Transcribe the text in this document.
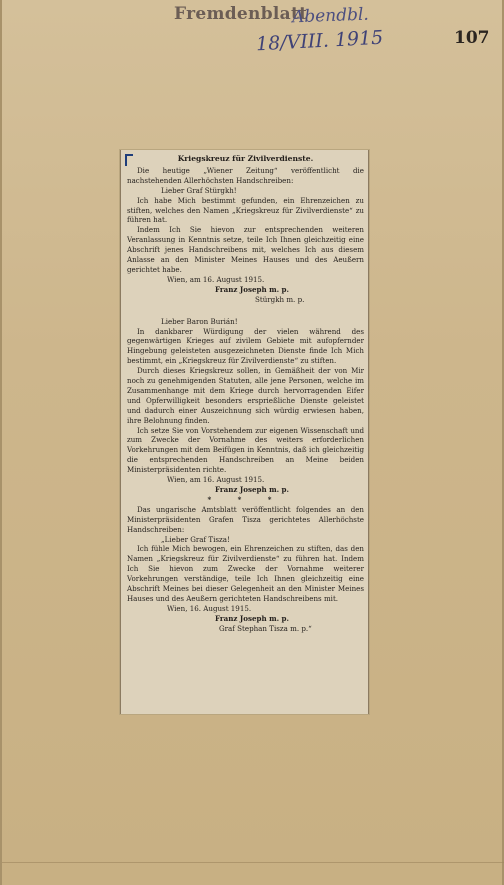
Fremdenblatt
Abendbl.
18/VIII. 1915	107

Kriegskreuz für Zivilverdienste.

Die heutige „Wiener Zeitung“ veröffentlicht die nachstehenden Allerhöchsten Handschreiben:

Lieber Graf Stürgkh!

Ich habe Mich bestimmt gefunden, ein Ehrenzeichen zu stiften, welches den Namen „Kriegskreuz für Zivilverdienste“ zu führen hat.

Indem Ich Sie hievon zur entsprechenden weiteren Veranlassung in Kenntnis setze, teile Ich Ihnen gleichzeitig eine Abschrift jenes Handschreibens mit, welches Ich aus diesem Anlasse an den Minister Meines Hauses und des Aeußern gerichtet habe.

Wien, am 16. August 1915.

Franz Joseph m. p.

Stürgkh m. p.

Lieber Baron Burián!

In dankbarer Würdigung der vielen während des gegenwärtigen Krieges auf zivilem Gebiete mit aufopfernder Hingebung geleisteten ausgezeichneten Dienste finde Ich Mich bestimmt, ein „Kriegskreuz für Zivilverdienste“ zu stiften.

Durch dieses Kriegskreuz sollen, in Gemäßheit der von Mir noch zu genehmigenden Statuten, alle jene Personen, welche im Zusammenhange mit dem Kriege durch hervorragenden Eifer und Opferwilligkeit besonders ersprießliche Dienste geleistet und dadurch einer Auszeichnung sich würdig erwiesen haben, ihre Belohnung finden.

Ich setze Sie von Vorstehendem zur eigenen Wissenschaft und zum Zwecke der Vornahme des weiters erforderlichen Vorkehrungen mit dem Beifügen in Kenntnis, daß ich gleichzeitig die entsprechenden Handschreiben an Meine beiden Ministerpräsidenten richte.

Wien, am 16. August 1915.

Franz Joseph m. p.

* * *

Das ungarische Amtsblatt veröffentlicht folgendes an den Ministerpräsidenten Grafen Tisza gerichtetes Allerhöchste Handschreiben:

„Lieber Graf Tisza!

Ich fühle Mich bewogen, ein Ehrenzeichen zu stiften, das den Namen „Kriegskreuz für Zivilverdienste“ zu führen hat. Indem Ich Sie hievon zum Zwecke der Vornahme weiterer Vorkehrungen verständige, teile Ich Ihnen gleichzeitig eine Abschrift Meines bei dieser Gelegenheit an den Minister Meines Hauses und des Aeußern gerichteten Handschreibens mit.

Wien, 16. August 1915.

Franz Joseph m. p.

Graf Stephan Tisza m. p.“
